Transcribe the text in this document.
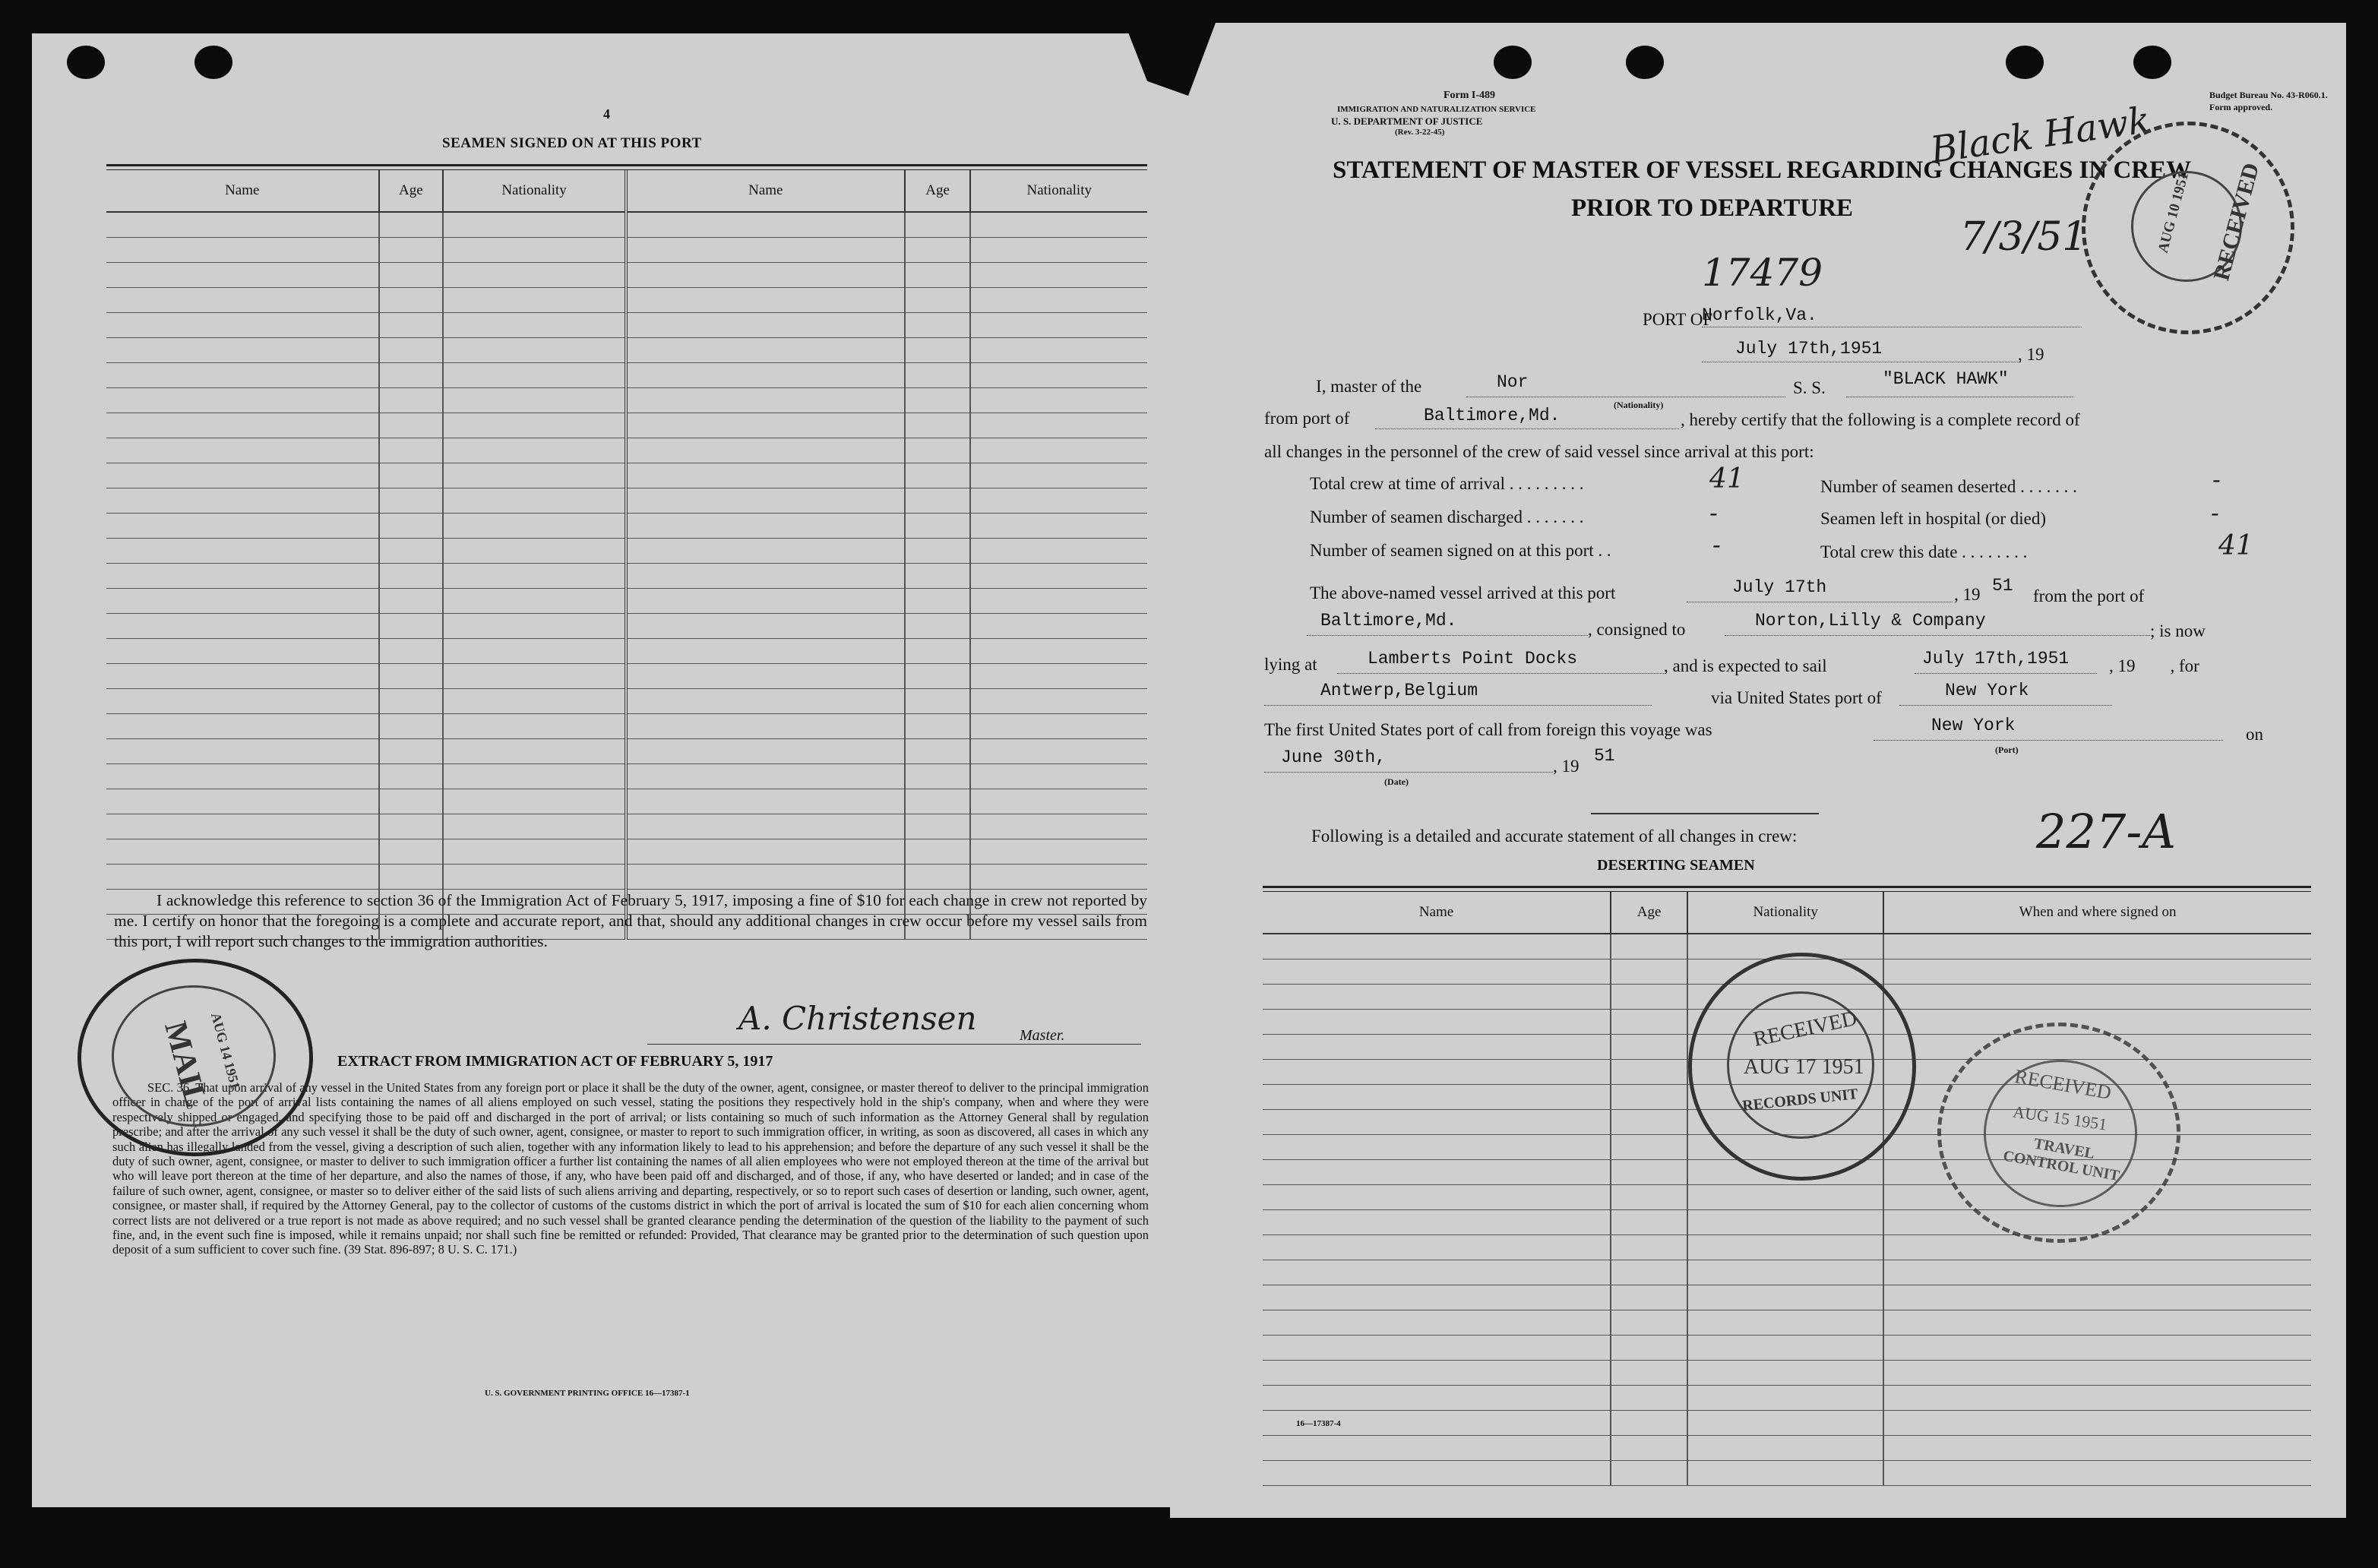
4
SEAMEN SIGNED ON AT THIS PORT
Name	Age	Nationality	Name	Age	Nationality

I acknowledge this reference to section 36 of the Immigration Act of February 5, 1917, imposing a fine of $10 for each change in crew not reported by me. I certify on honor that the foregoing is a complete and accurate report, and that, should any additional changes in crew occur before my vessel sails from this port, I will report such changes to the immigration authorities.
A. Christensen	Master.
EXTRACT FROM IMMIGRATION ACT OF FEBRUARY 5, 1917
SEC. 36. That upon arrival of any vessel in the United States from any foreign port or place it shall be the duty of the owner, agent, consignee, or master thereof to deliver to the principal immigration officer in charge of the port of arrival lists containing the names of all aliens employed on such vessel, stating the positions they respectively hold in the ship's company, when and where they were respectively shipped or engaged, and specifying those to be paid off and discharged in the port of arrival; or lists containing so much of such information as the Attorney General shall by regulation prescribe; and after the arrival of any such vessel it shall be the duty of such owner, agent, consignee, or master to report to such immigration officer, in writing, as soon as discovered, all cases in which any such alien has illegally landed from the vessel, giving a description of such alien, together with any information likely to lead to his apprehension; and before the departure of any such vessel it shall be the duty of such owner, agent, consignee, or master to deliver to such immigration officer a further list containing the names of all alien employees who were not employed thereon at the time of the arrival but who will leave port thereon at the time of her departure, and also the names of those, if any, who have been paid off and discharged, and of those, if any, who have deserted or landed; and in case of the failure of such owner, agent, consignee, or master so to deliver either of the said lists of such aliens arriving and departing, respectively, or so to report such cases of desertion or landing, such owner, agent, consignee, or master shall, if required by the Attorney General, pay to the collector of customs of the customs district in which the port of arrival is located the sum of $10 for each alien concerning whom correct lists are not delivered or a true report is not made as above required; and no such vessel shall be granted clearance pending the determination of the question of the liability to the payment of such fine, and, in the event such fine is imposed, while it remains unpaid; nor shall such fine be remitted or refunded: Provided, That clearance may be granted prior to the determination of such question upon deposit of a sum sufficient to cover such fine. (39 Stat. 896-897; 8 U. S. C. 171.)
U. S. GOVERNMENT PRINTING OFFICE 16—17387-1
MAIL
AUG 14 1951
Form I-489
IMMIGRATION AND NATURALIZATION SERVICE
U. S. DEPARTMENT OF JUSTICE
(Rev. 3-22-45)
Budget Bureau No. 43-R060.1.
Form approved.
STATEMENT OF MASTER OF VESSEL REGARDING CHANGES IN CREW
PRIOR TO DEPARTURE
Black Hawk
7/3/51
17479	RECEIVED
AUG 10 1951
PORT OF
Norfolk,Va.
July 17th,1951	, 19
I, master of the	Nor
(Nationality)
S. S.	"BLACK HAWK"
from port of	Baltimore,Md.	, hereby certify that the following is a complete record of
all changes in the personnel of the crew of said vessel since arrival at this port:
Total crew at time of arrival . . . . . . . . .	41	Number of seamen deserted . . . . . . .	-
Number of seamen discharged . . . . . . .	-	Seamen left in hospital (or died)	-
Number of seamen signed on at this port . .	-	Total crew this date . . . . . . . .	41
The above-named vessel arrived at this port	July 17th	, 19 51
from the port of
Baltimore,Md.	, consigned to	Norton,Lilly & Company
; is now
lying at	Lamberts Point Docks	, and is expected to sail	July 17th,1951 , 19        , for
Antwerp,Belgium	via United States port of	New York
The first United States port of call from foreign this voyage was	New York	on
(Port)
June 30th,	, 19
51
(Date)
Following is a detailed and accurate statement of all changes in crew:	227-A
DESERTING SEAMEN
Name	Age	Nationality	When and where signed on

RECEIVED
AUG 17 1951
RECORDS UNIT	RECEIVED
AUG 15 1951
TRAVEL CONTROL UNIT
16—17387-4
